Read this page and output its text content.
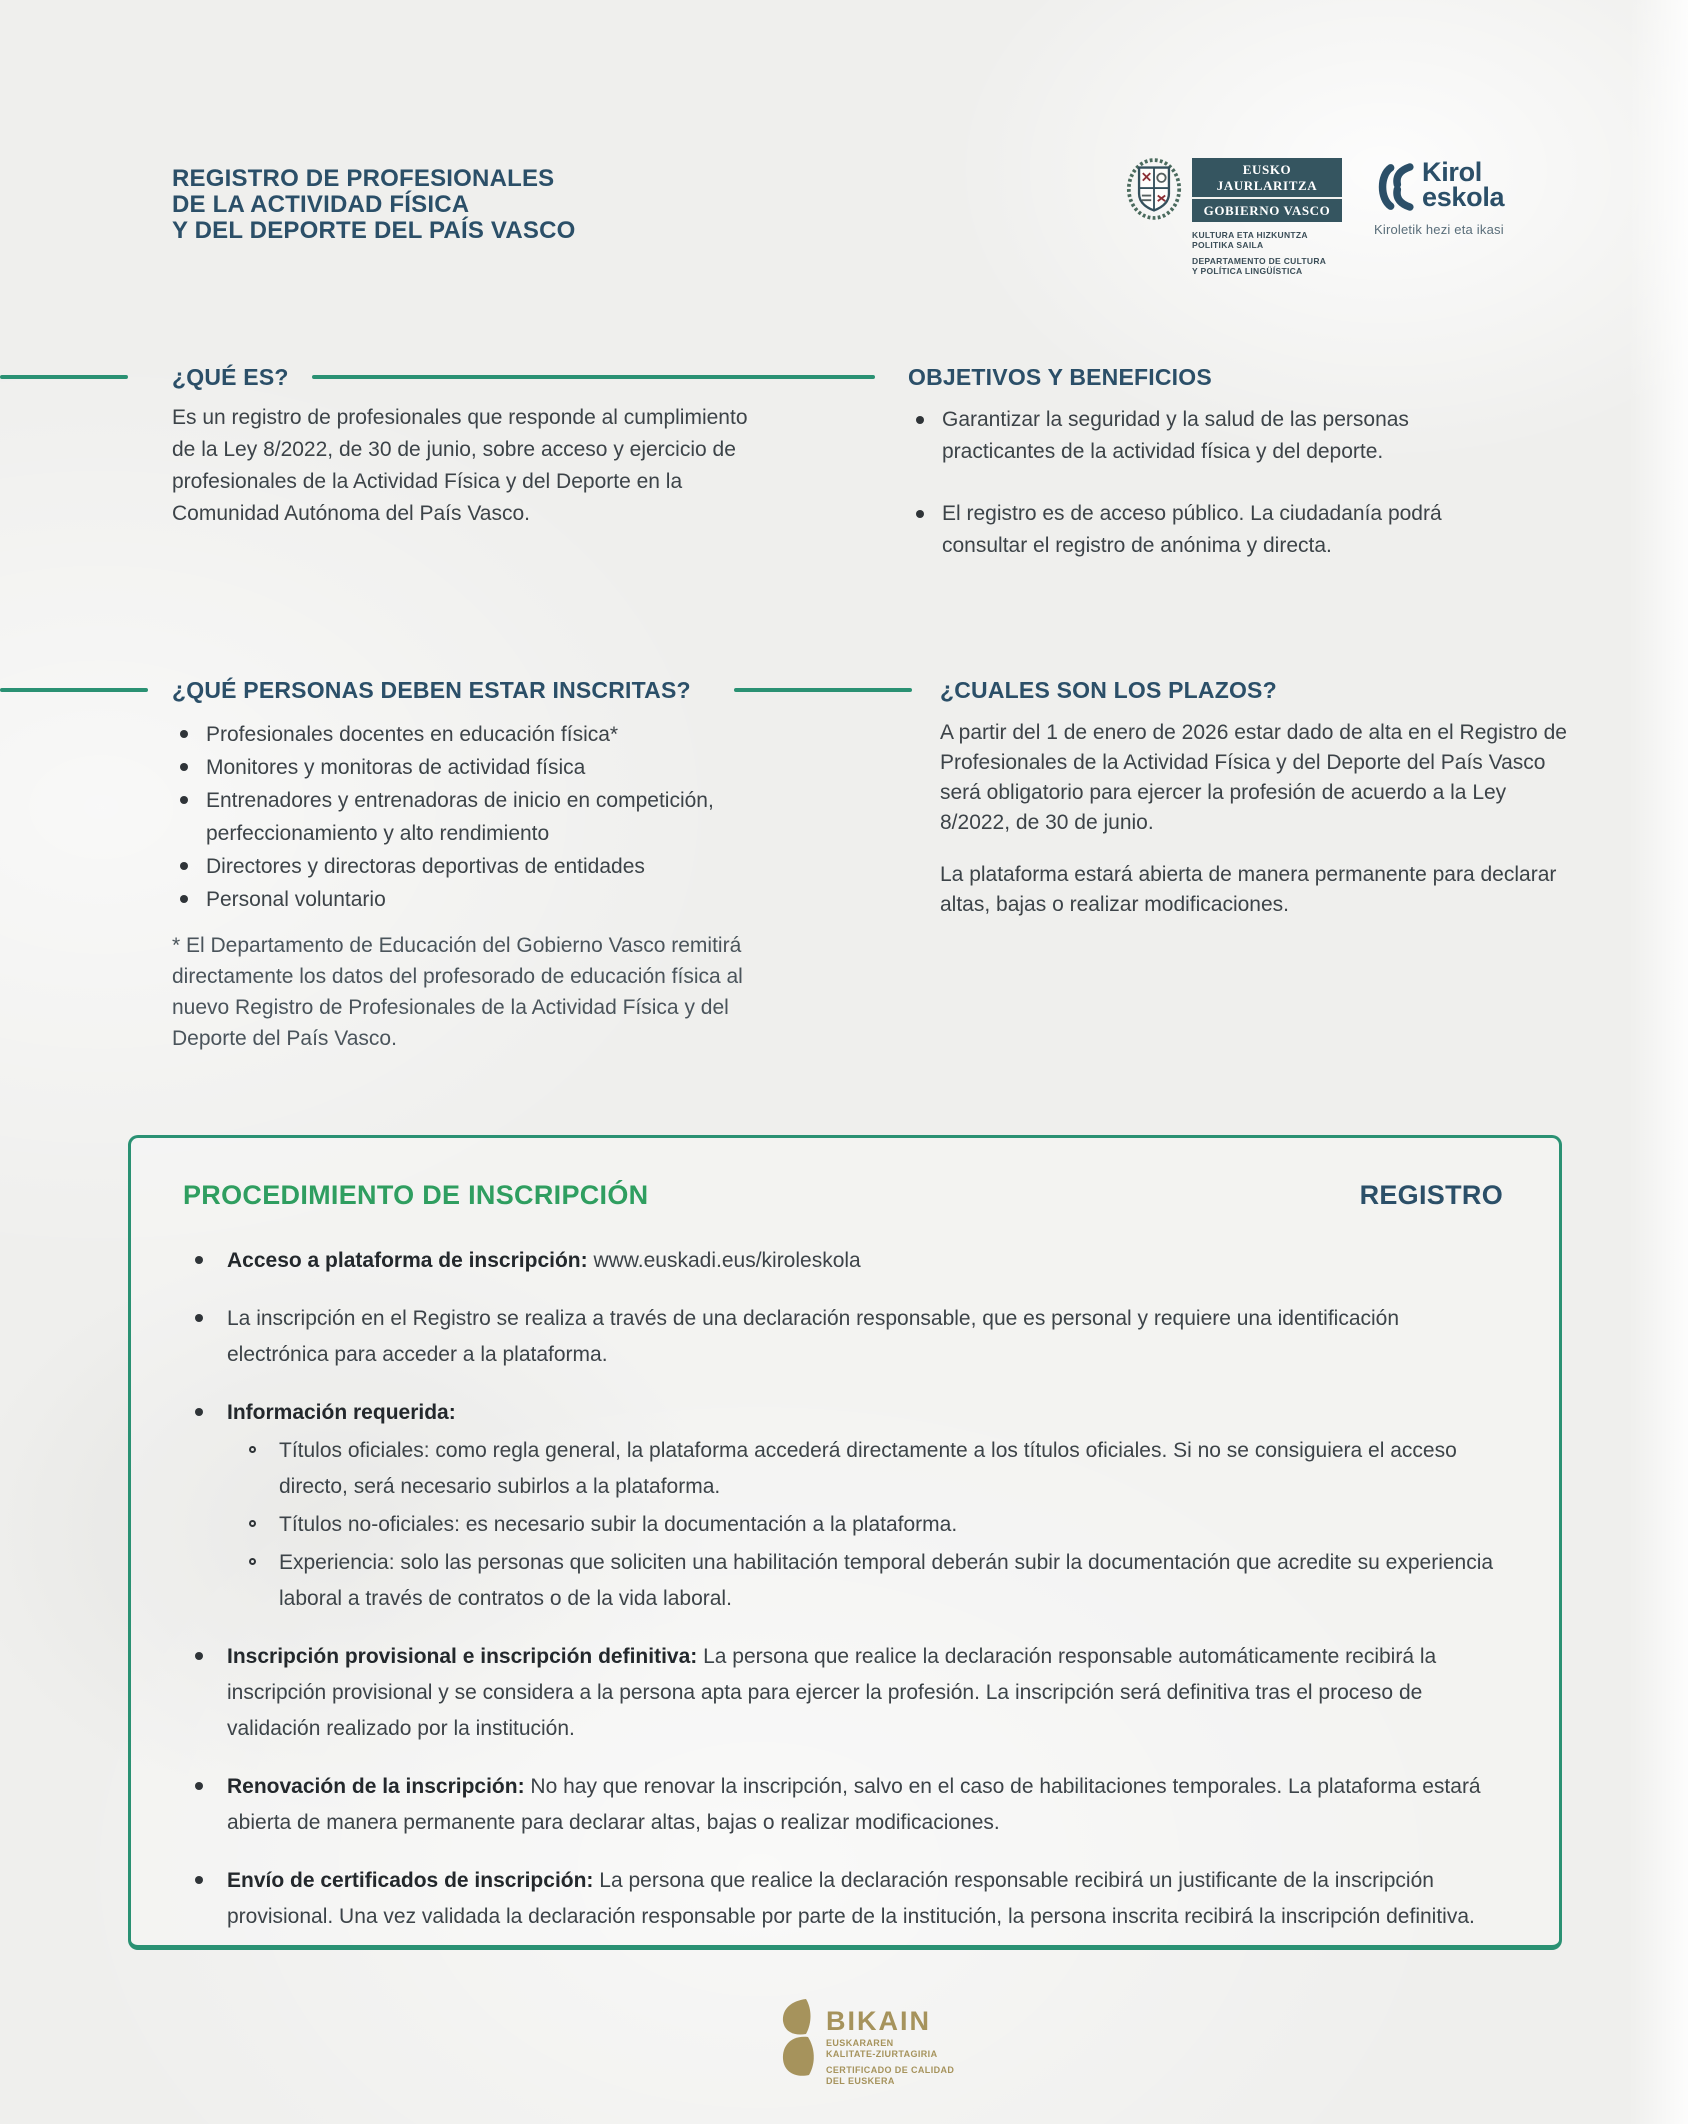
REGISTRO DE PROFESIONALES
DE LA ACTIVIDAD FÍSICA
Y DEL DEPORTE DEL PAÍS VASCO
EUSKO JAURLARITZA
GOBIERNO VASCO
KULTURA ETA HIZKUNTZA
POLITIKA SAILA
DEPARTAMENTO DE CULTURA
Y POLÍTICA LINGÜÍSTICA
Kirol
eskola
Kiroletik hezi eta ikasi
¿QUÉ ES?

Es un registro de profesionales que responde al cumplimiento de la Ley 8/2022, de 30 de junio, sobre acceso y ejercicio de profesionales de la Actividad Física y del Deporte en la Comunidad Autónoma del País Vasco.

OBJETIVOS Y BENEFICIOS
Garantizar la seguridad y la salud de las personas practicantes de la actividad física y del deporte.
El registro es de acceso público. La ciudadanía podrá consultar el registro de anónima y directa.
¿QUÉ PERSONAS DEBEN ESTAR INSCRITAS?
Profesionales docentes en educación física*
Monitores y monitoras de actividad física
Entrenadores y entrenadoras de inicio en competición, perfeccionamiento y alto rendimiento
Directores y directoras deportivas de entidades
Personal voluntario

* El Departamento de Educación del Gobierno Vasco remitirá directamente los datos del profesorado de educación física al nuevo Registro de Profesionales de la Actividad Física y del Deporte del País Vasco.

¿CUALES SON LOS PLAZOS?

A partir del 1 de enero de 2026 estar dado de alta en el Registro de Profesionales de la Actividad Física y del Deporte del País Vasco será obligatorio para ejercer la profesión de acuerdo a la Ley 8/2022, de 30 de junio.

La plataforma estará abierta de manera permanente para declarar altas, bajas o realizar modificaciones.

PROCEDIMIENTO DE INSCRIPCIÓN	REGISTRO

Acceso a plataforma de inscripción: www.euskadi.eus/kiroleskola

La inscripción en el Registro se realiza a través de una declaración responsable, que es personal y requiere una identificación electrónica para acceder a la plataforma.

Información requerida:

Títulos oficiales: como regla general, la plataforma accederá directamente a los títulos oficiales. Si no se consiguiera el acceso directo, será necesario subirlos a la plataforma.
Títulos no-oficiales: es necesario subir la documentación a la plataforma.
Experiencia: solo las personas que soliciten una habilitación temporal deberán subir la documentación que acredite su experiencia laboral a través de contratos o de la vida laboral.

Inscripción provisional e inscripción definitiva: La persona que realice la declaración responsable automáticamente recibirá la inscripción provisional y se considera a la persona apta para ejercer la profesión. La inscripción será definitiva tras el proceso de validación realizado por la institución.

Renovación de la inscripción: No hay que renovar la inscripción, salvo en el caso de habilitaciones temporales. La plataforma estará abierta de manera permanente para declarar altas, bajas o realizar modificaciones.

Envío de certificados de inscripción: La persona que realice la declaración responsable recibirá un justificante de la inscripción provisional. Una vez validada la declaración responsable por parte de la institución, la persona inscrita recibirá la inscripción definitiva.

BIKAIN
EUSKARAREN
KALITATE-ZIURTAGIRIA
CERTIFICADO DE CALIDAD
DEL EUSKERA
